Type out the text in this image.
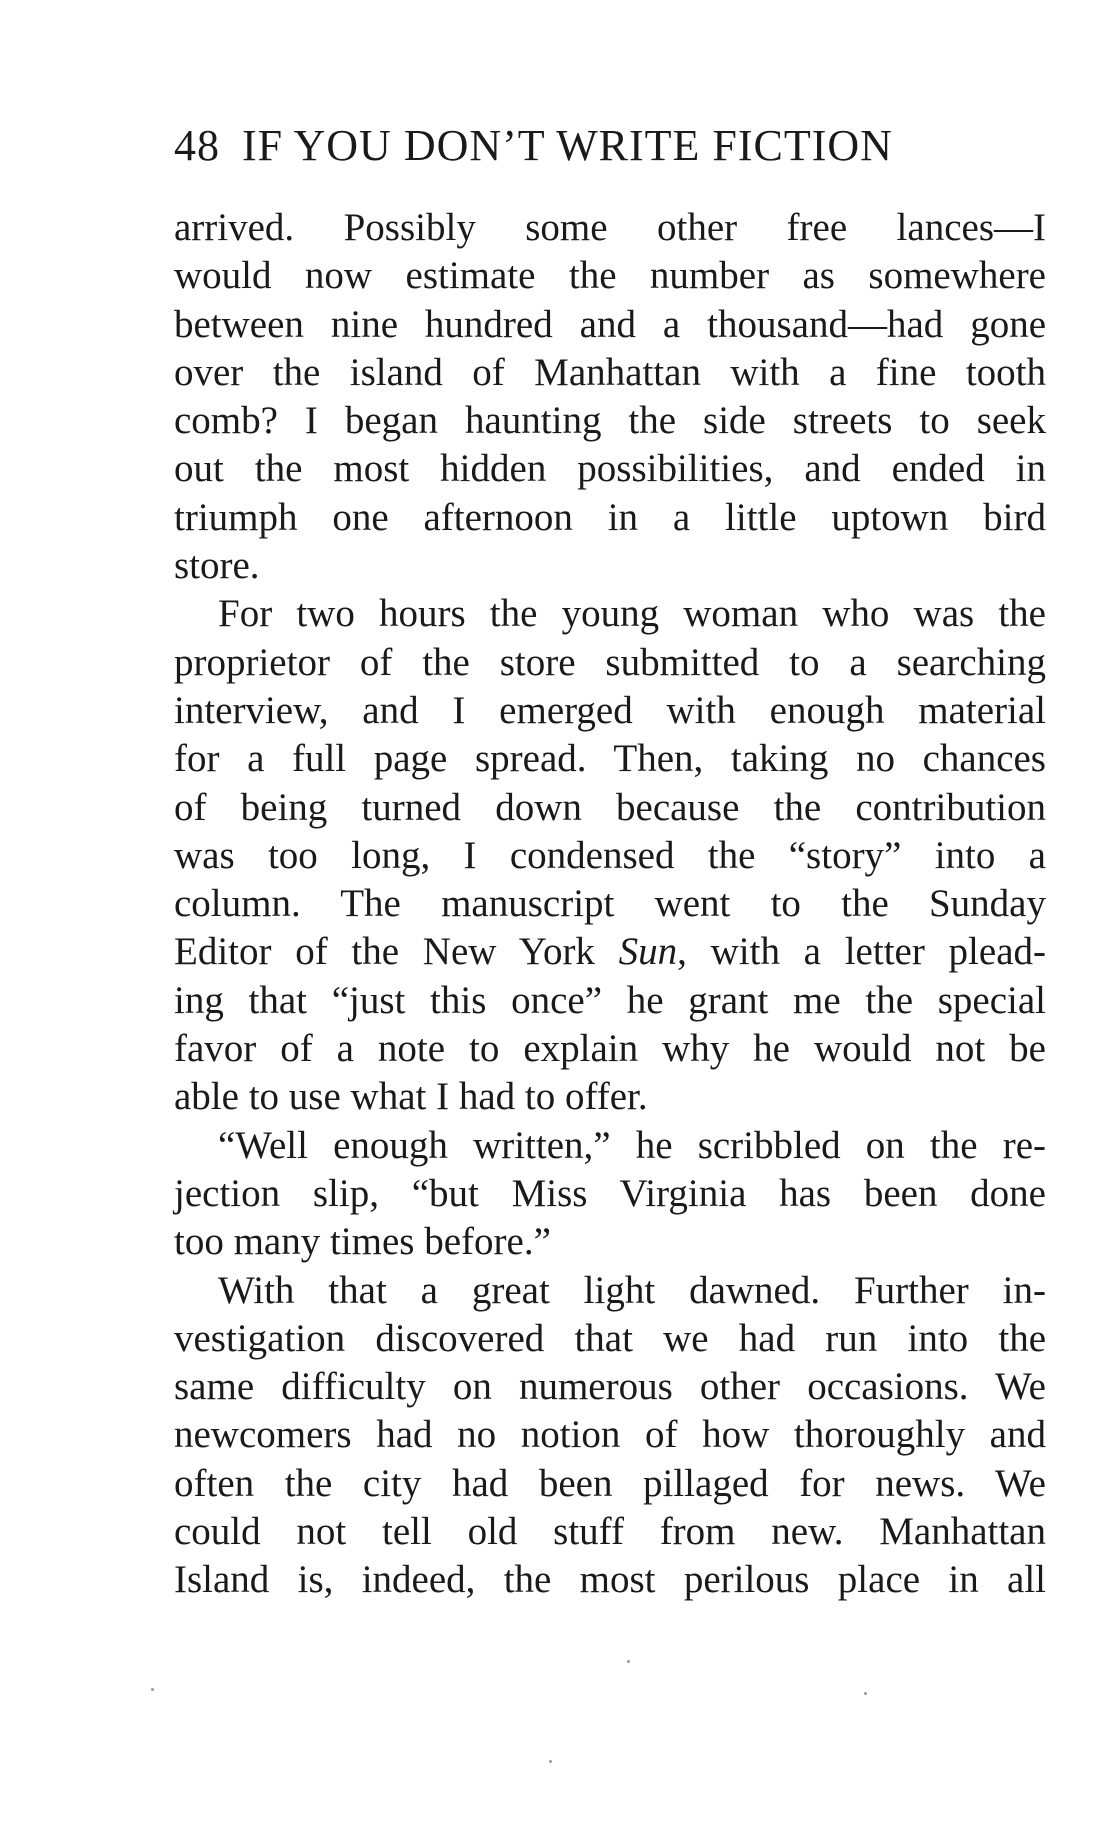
48 IF YOU DON’T WRITE FICTION
arrived. Possibly some other free lances—I
would now estimate the number as somewhere
between nine hundred and a thousand—had gone
over the island of Manhattan with a fine tooth
comb? I began haunting the side streets to seek
out the most hidden possibilities, and ended in
triumph one afternoon in a little uptown bird
store.
For two hours the young woman who was the
proprietor of the store submitted to a searching
interview, and I emerged with enough material
for a full page spread. Then, taking no chances
of being turned down because the contribution
was too long, I condensed the “story” into a
column. The manuscript went to the Sunday
Editor of the New York Sun, with a letter plead-
ing that “just this once” he grant me the special
favor of a note to explain why he would not be
able to use what I had to offer.
“Well enough written,” he scribbled on the re-
jection slip, “but Miss Virginia has been done
too many times before.”
With that a great light dawned. Further in-
vestigation discovered that we had run into the
same difficulty on numerous other occasions. We
newcomers had no notion of how thoroughly and
often the city had been pillaged for news. We
could not tell old stuff from new. Manhattan
Island is, indeed, the most perilous place in all
